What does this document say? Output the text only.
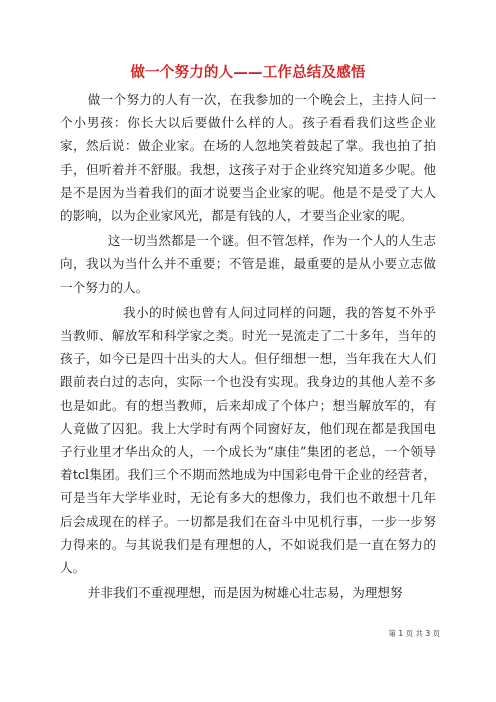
做一个努力的人——工作总结及感悟

做一个努力的人有一次，在我参加的一个晚会上，主持人问一个小男孩：你长大以后要做什么样的人。孩子看看我们这些企业家，然后说：做企业家。在场的人忽地笑着鼓起了掌。我也拍了拍手，但听着并不舒服。我想，这孩子对于企业终究知道多少呢。他是不是因为当着我们的面才说要当企业家的呢。他是不是受了大人的影响，以为企业家风光，都是有钱的人，才要当企业家的呢。

这一切当然都是一个谜。但不管怎样，作为一个人的人生志向，我以为当什么并不重要；不管是谁，最重要的是从小要立志做一个努力的人。

我小的时候也曾有人问过同样的问题，我的答复不外乎当教师、解放军和科学家之类。时光一晃流走了二十多年，当年的孩子，如今已是四十出头的大人。但仔细想一想，当年我在大人们跟前表白过的志向，实际一个也没有实现。我身边的其他人差不多也是如此。有的想当教师，后来却成了个体户；想当解放军的，有人竟做了囚犯。我上大学时有两个同窗好友，他们现在都是我国电子行业里才华出众的人，一个成长为“康佳”集团的老总，一个领导着tcl集团。我们三个不期而然地成为中国彩电骨干企业的经营者，可是当年大学毕业时，无论有多大的想像力，我们也不敢想十几年后会成现在的样子。一切都是我们在奋斗中见机行事，一步一步努力得来的。与其说我们是有理想的人，不如说我们是一直在努力的人。

并非我们不重视理想，而是因为树雄心壮志易，为理想努

第 1 页 共 3 页
